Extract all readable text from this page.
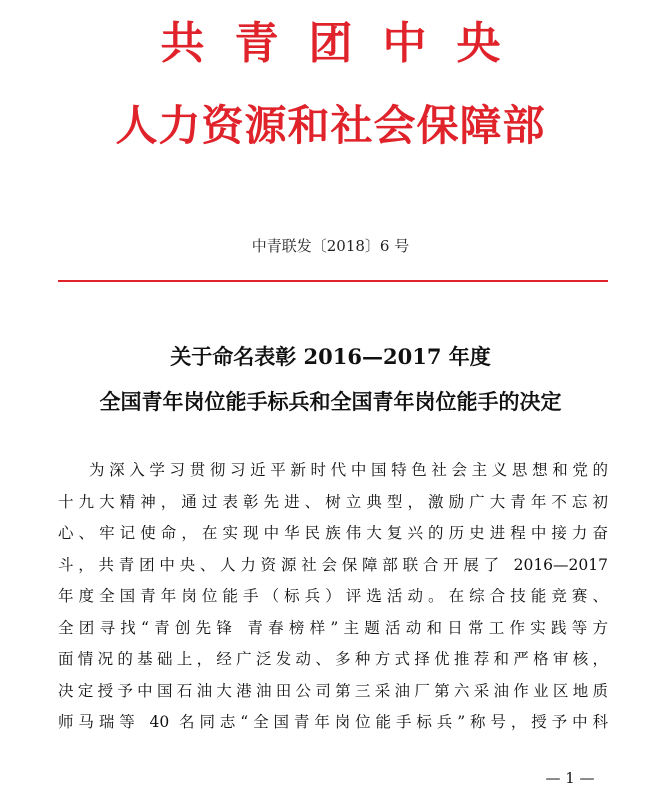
共青团中央
人力资源和社会保障部
中青联发〔2018〕6 号
关于命名表彰 2016—2017 年度
全国青年岗位能手标兵和全国青年岗位能手的决定
为深入学习贯彻习近平新时代中国特色社会主义思想和党的
十九大精神，通过表彰先进、树立典型，激励广大青年不忘初
心、牢记使命，在实现中华民族伟大复兴的历史进程中接力奋
斗，共青团中央、人力资源社会保障部联合开展了 2016—2017
年度全国青年岗位能手（标兵）评选活动。在综合技能竞赛、
全团寻找“青创先锋 青春榜样”主题活动和日常工作实践等方
面情况的基础上，经广泛发动、多种方式择优推荐和严格审核，
决定授予中国石油大港油田公司第三采油厂第六采油作业区地质
师马瑞等 40 名同志“全国青年岗位能手标兵”称号，授予中科
— 1 —
